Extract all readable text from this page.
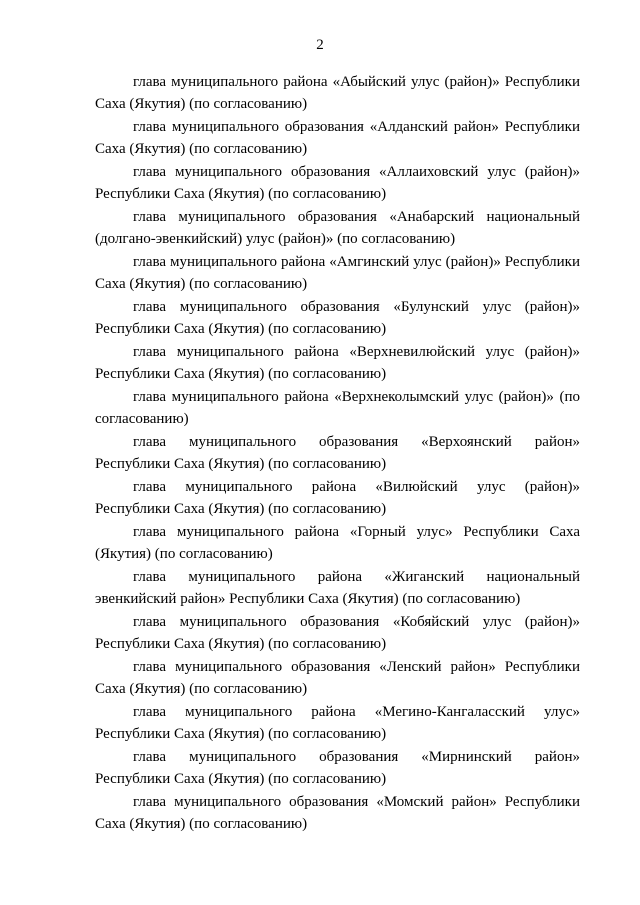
2
глава муниципального района «Абыйский улус (район)» Республики Саха (Якутия) (по согласованию)
глава муниципального образования «Алданский район» Республики Саха (Якутия) (по согласованию)
глава муниципального образования «Аллаиховский улус (район)» Республики Саха (Якутия) (по согласованию)
глава муниципального образования «Анабарский национальный (долгано-эвенкийский) улус (район)» (по согласованию)
глава муниципального района «Амгинский улус (район)» Республики Саха (Якутия) (по согласованию)
глава муниципального образования «Булунский улус (район)» Республики Саха (Якутия) (по согласованию)
глава муниципального района «Верхневилюйский улус (район)» Республики Саха (Якутия) (по согласованию)
глава муниципального района «Верхнеколымский улус (район)» (по согласованию)
глава муниципального образования «Верхоянский район» Республики Саха (Якутия) (по согласованию)
глава муниципального района «Вилюйский улус (район)» Республики Саха (Якутия) (по согласованию)
глава муниципального района «Горный улус» Республики Саха (Якутия) (по согласованию)
глава муниципального района «Жиганский национальный эвенкийский район» Республики Саха (Якутия) (по согласованию)
глава муниципального образования «Кобяйский улус (район)» Республики Саха (Якутия) (по согласованию)
глава муниципального образования «Ленский район» Республики Саха (Якутия) (по согласованию)
глава муниципального района «Мегино-Кангаласский улус» Республики Саха (Якутия) (по согласованию)
глава муниципального образования «Мирнинский район» Республики Саха (Якутия) (по согласованию)
глава муниципального образования «Момский район» Республики Саха (Якутия) (по согласованию)
